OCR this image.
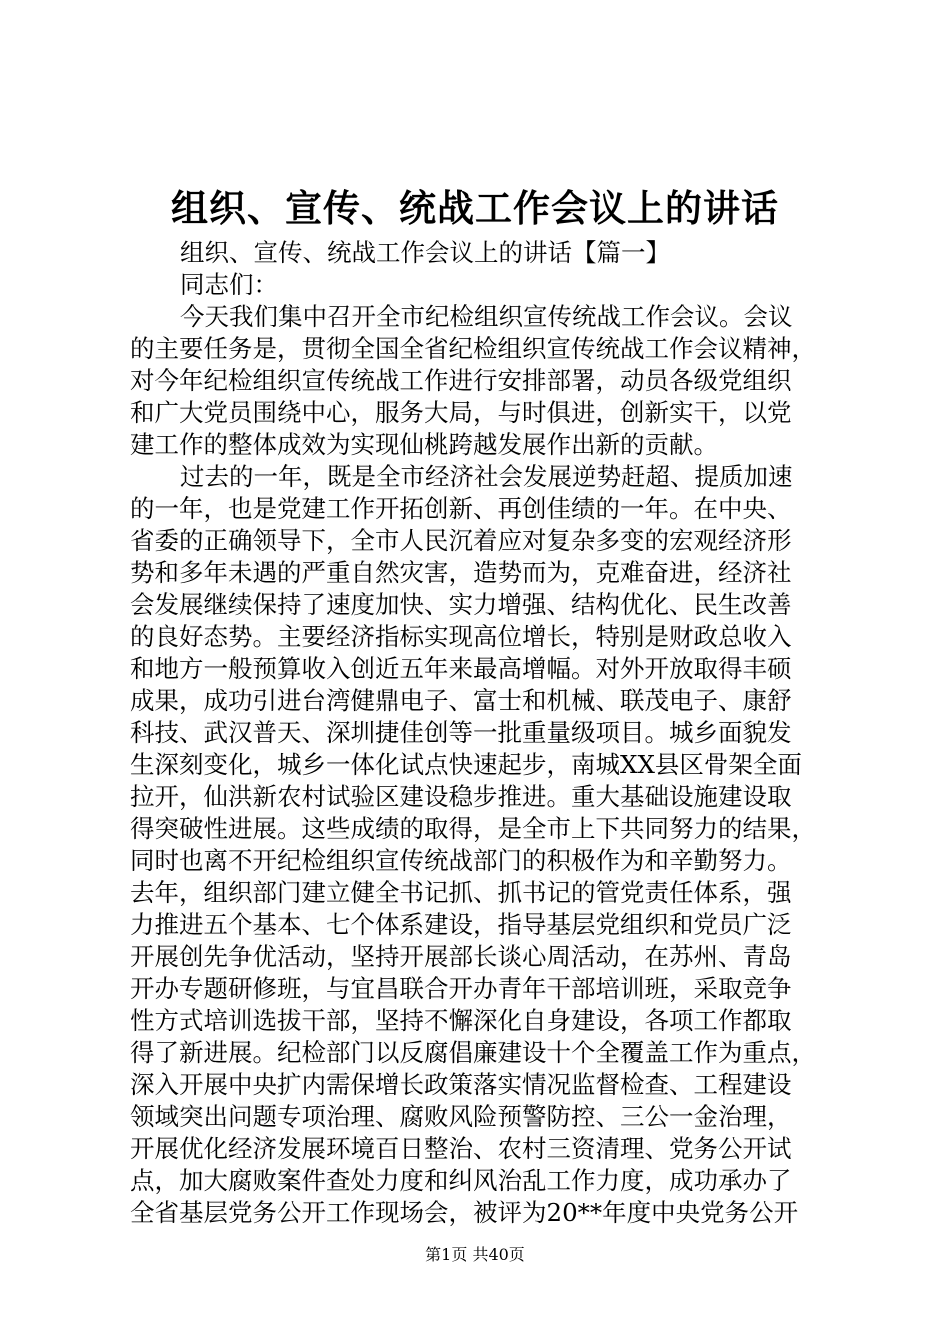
组织、宣传、统战工作会议上的讲话
组织、宣传、统战工作会议上的讲话【篇一】
同志们：
今天我们集中召开全市纪检组织宣传统战工作会议。会议
的主要任务是，贯彻全国全省纪检组织宣传统战工作会议精神，
对今年纪检组织宣传统战工作进行安排部署，动员各级党组织
和广大党员围绕中心，服务大局，与时俱进，创新实干，以党
建工作的整体成效为实现仙桃跨越发展作出新的贡献。
过去的一年，既是全市经济社会发展逆势赶超、提质加速
的一年，也是党建工作开拓创新、再创佳绩的一年。在中央、
省委的正确领导下，全市人民沉着应对复杂多变的宏观经济形
势和多年未遇的严重自然灾害，造势而为，克难奋进，经济社
会发展继续保持了速度加快、实力增强、结构优化、民生改善
的良好态势。主要经济指标实现高位增长，特别是财政总收入
和地方一般预算收入创近五年来最高增幅。对外开放取得丰硕
成果，成功引进台湾健鼎电子、富士和机械、联茂电子、康舒
科技、武汉普天、深圳捷佳创等一批重量级项目。城乡面貌发
生深刻变化，城乡一体化试点快速起步，南城XX县区骨架全面
拉开，仙洪新农村试验区建设稳步推进。重大基础设施建设取
得突破性进展。这些成绩的取得，是全市上下共同努力的结果，
同时也离不开纪检组织宣传统战部门的积极作为和辛勤努力。
去年，组织部门建立健全书记抓、抓书记的管党责任体系，强
力推进五个基本、七个体系建设，指导基层党组织和党员广泛
开展创先争优活动，坚持开展部长谈心周活动，在苏州、青岛
开办专题研修班，与宜昌联合开办青年干部培训班，采取竞争
性方式培训选拔干部，坚持不懈深化自身建设，各项工作都取
得了新进展。纪检部门以反腐倡廉建设十个全覆盖工作为重点，
深入开展中央扩内需保增长政策落实情况监督检查、工程建设
领域突出问题专项治理、腐败风险预警防控、三公一金治理，
开展优化经济发展环境百日整治、农村三资清理、党务公开试
点，加大腐败案件查处力度和纠风治乱工作力度，成功承办了
全省基层党务公开工作现场会，被评为20**年度中央党务公开
第1页 共40页
